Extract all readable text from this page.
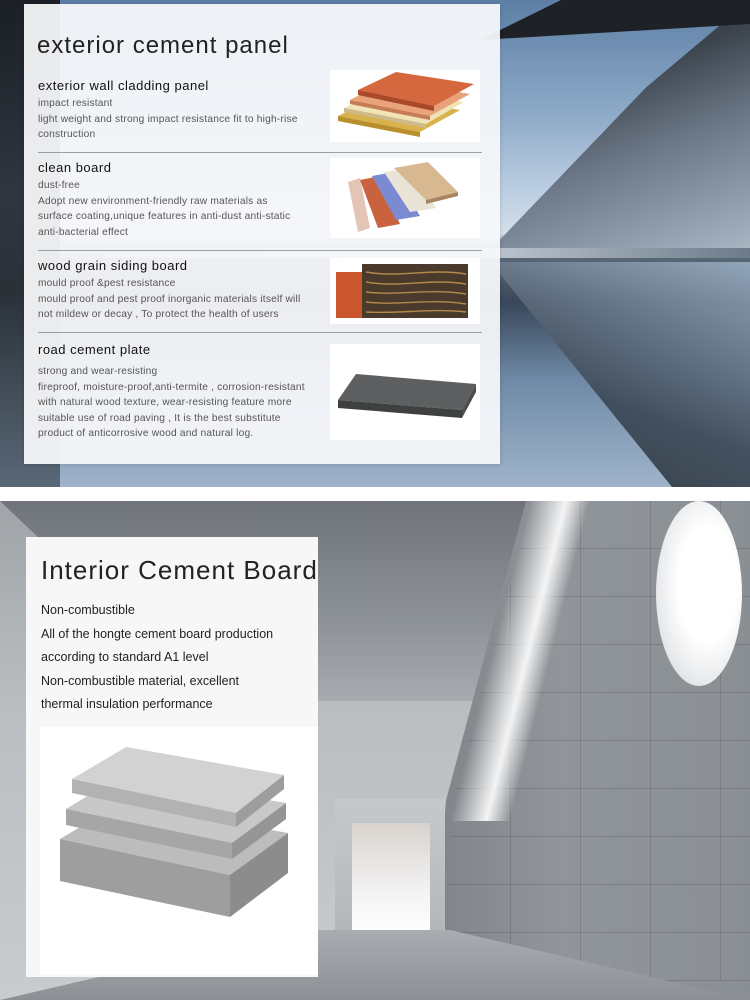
exterior cement panel
exterior wall cladding panel
impact resistant
light weight and strong impact resistance fit to high-rise
construction
clean board
dust-free
Adopt new environment-friendly raw materials as
surface coating,unique features in anti-dust anti-static
anti-bacterial effect
wood grain siding board
mould proof &pest resistance
mould proof and pest proof inorganic materials itself will
not mildew or decay , To protect the health of users
road cement plate
strong and wear-resisting
fireproof, moisture-proof,anti-termite , corrosion-resistant
with natural wood texture, wear-resisting feature more
suitable use of road paving , It is the best substitute
product of anticorrosive wood and natural log.
Interior Cement Board
Non-combustible
All of the hongte cement board production
according to standard A1 level
Non-combustible material, excellent
thermal insulation performance
